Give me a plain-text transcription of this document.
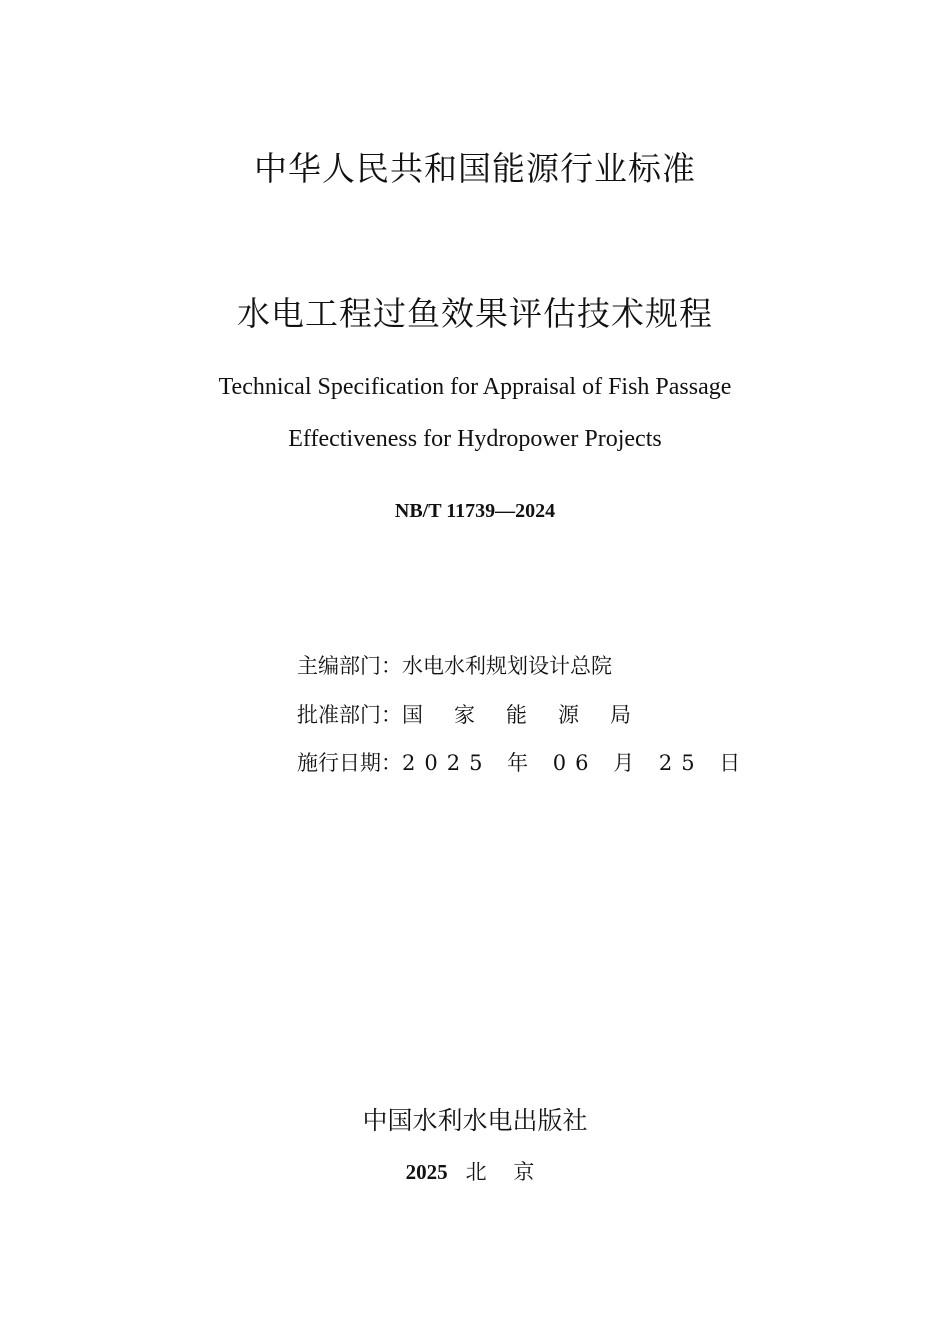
中华人民共和国能源行业标准
水电工程过鱼效果评估技术规程
Technical Specification for Appraisal of Fish Passage
Effectiveness for Hydropower Projects
NB/T 11739—2024
主编部门：水电水利规划设计总院
批准部门：国家能源局
施行日期：2025 年 06 月 25 日
中国水利水电出版社
2025 北 京
